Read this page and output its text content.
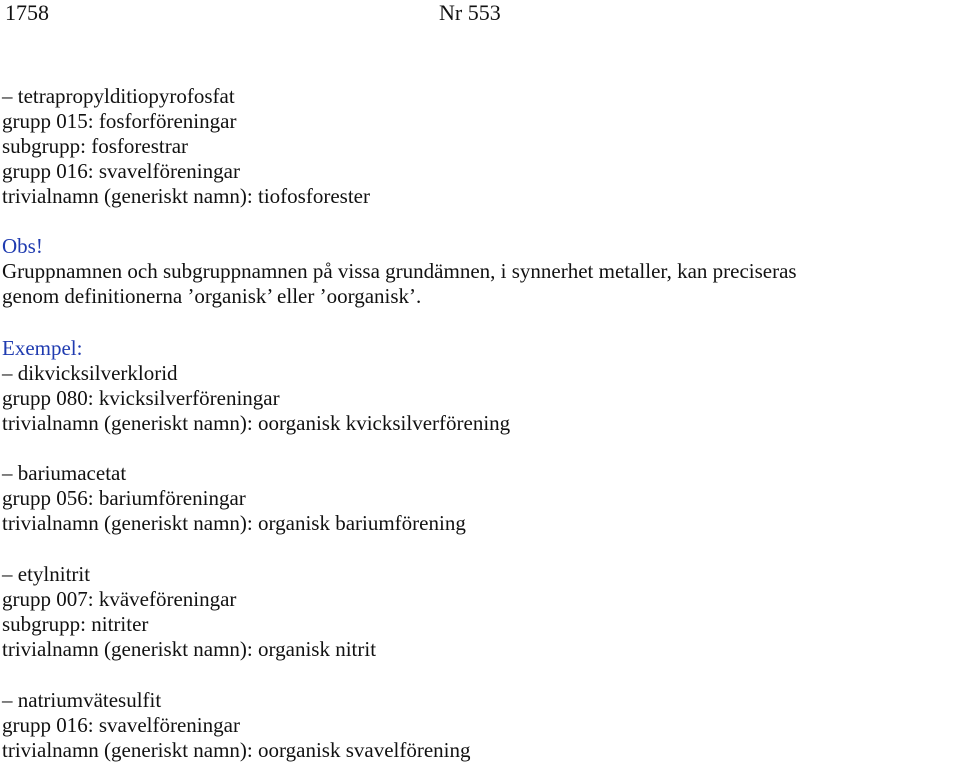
1758	Nr 553
– tetrapropylditiopyrofosfat
grupp 015: fosforföreningar
subgrupp: fosforestrar
grupp 016: svavelföreningar
trivialnamn (generiskt namn): tiofosforester
Obs!
Gruppnamnen och subgruppnamnen på vissa grundämnen, i synnerhet metaller, kan preciseras
genom definitionerna ’organisk’ eller ’oorganisk’.
Exempel:
– dikvicksilverklorid
grupp 080: kvicksilverföreningar
trivialnamn (generiskt namn): oorganisk kvicksilverförening
– bariumacetat
grupp 056: bariumföreningar
trivialnamn (generiskt namn): organisk bariumförening
– etylnitrit
grupp 007: kväveföreningar
subgrupp: nitriter
trivialnamn (generiskt namn): organisk nitrit
– natriumvätesulfit
grupp 016: svavelföreningar
trivialnamn (generiskt namn): oorganisk svavelförening
